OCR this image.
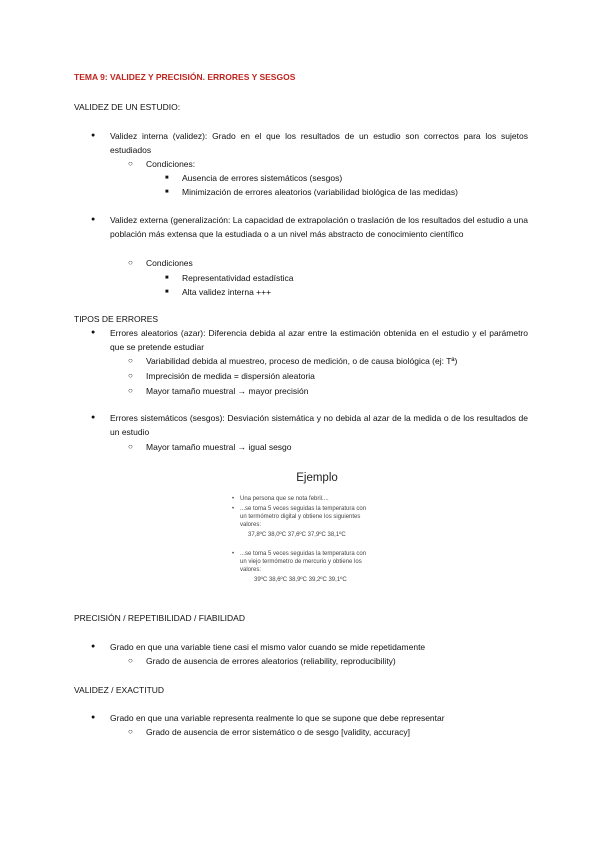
TEMA 9: VALIDEZ Y PRECISIÓN. ERRORES Y SESGOS
VALIDEZ DE UN ESTUDIO:
● Validez interna (validez): Grado en el que los resultados de un estudio son correctos para los sujetos estudiados
○ Condiciones:
■ Ausencia de errores sistemáticos (sesgos)
■ Minimización de errores aleatorios (variabilidad biológica de las medidas)
● Validez externa (generalización: La capacidad de extrapolación o traslación de los resultados del estudio a una población más extensa que la estudiada o a un nivel más abstracto de conocimiento científico
○ Condiciones
■ Representatividad estadística
■ Alta validez interna +++
TIPOS DE ERRORES
● Errores aleatorios (azar): Diferencia debida al azar entre la estimación obtenida en el estudio y el parámetro que se pretende estudiar
○ Variabilidad debida al muestreo, proceso de medición, o de causa biológica (ej: Tª)
○ Imprecisión de medida = dispersión aleatoria
○ Mayor tamaño muestral → mayor precisión
● Errores sistemáticos (sesgos): Desviación sistemática y no debida al azar de la medida o de los resultados de un estudio
○ Mayor tamaño muestral → igual sesgo
Ejemplo
• Una persona que se nota febril....
• ...se toma 5 veces seguidas la temperatura con
un termómetro digital y obtiene los siguientes
valores:
37,8ºC 38,0ºC 37,6ºC 37,9ºC 38,1ºC
• ...se toma 5 veces seguidas la temperatura con
un viejo termómetro de mercurio y obtiene los
valores:
39ºC 38,6ºC 38,9ºC 39,2ºC 39,1ºC
PRECISIÓN / REPETIBILIDAD / FIABILIDAD
● Grado en que una variable tiene casi el mismo valor cuando se mide repetidamente
○ Grado de ausencia de errores aleatorios (reliability, reproducibility)
VALIDEZ / EXACTITUD
● Grado en que una variable representa realmente lo que se supone que debe representar
○ Grado de ausencia de error sistemático o de sesgo [validity, accuracy]
